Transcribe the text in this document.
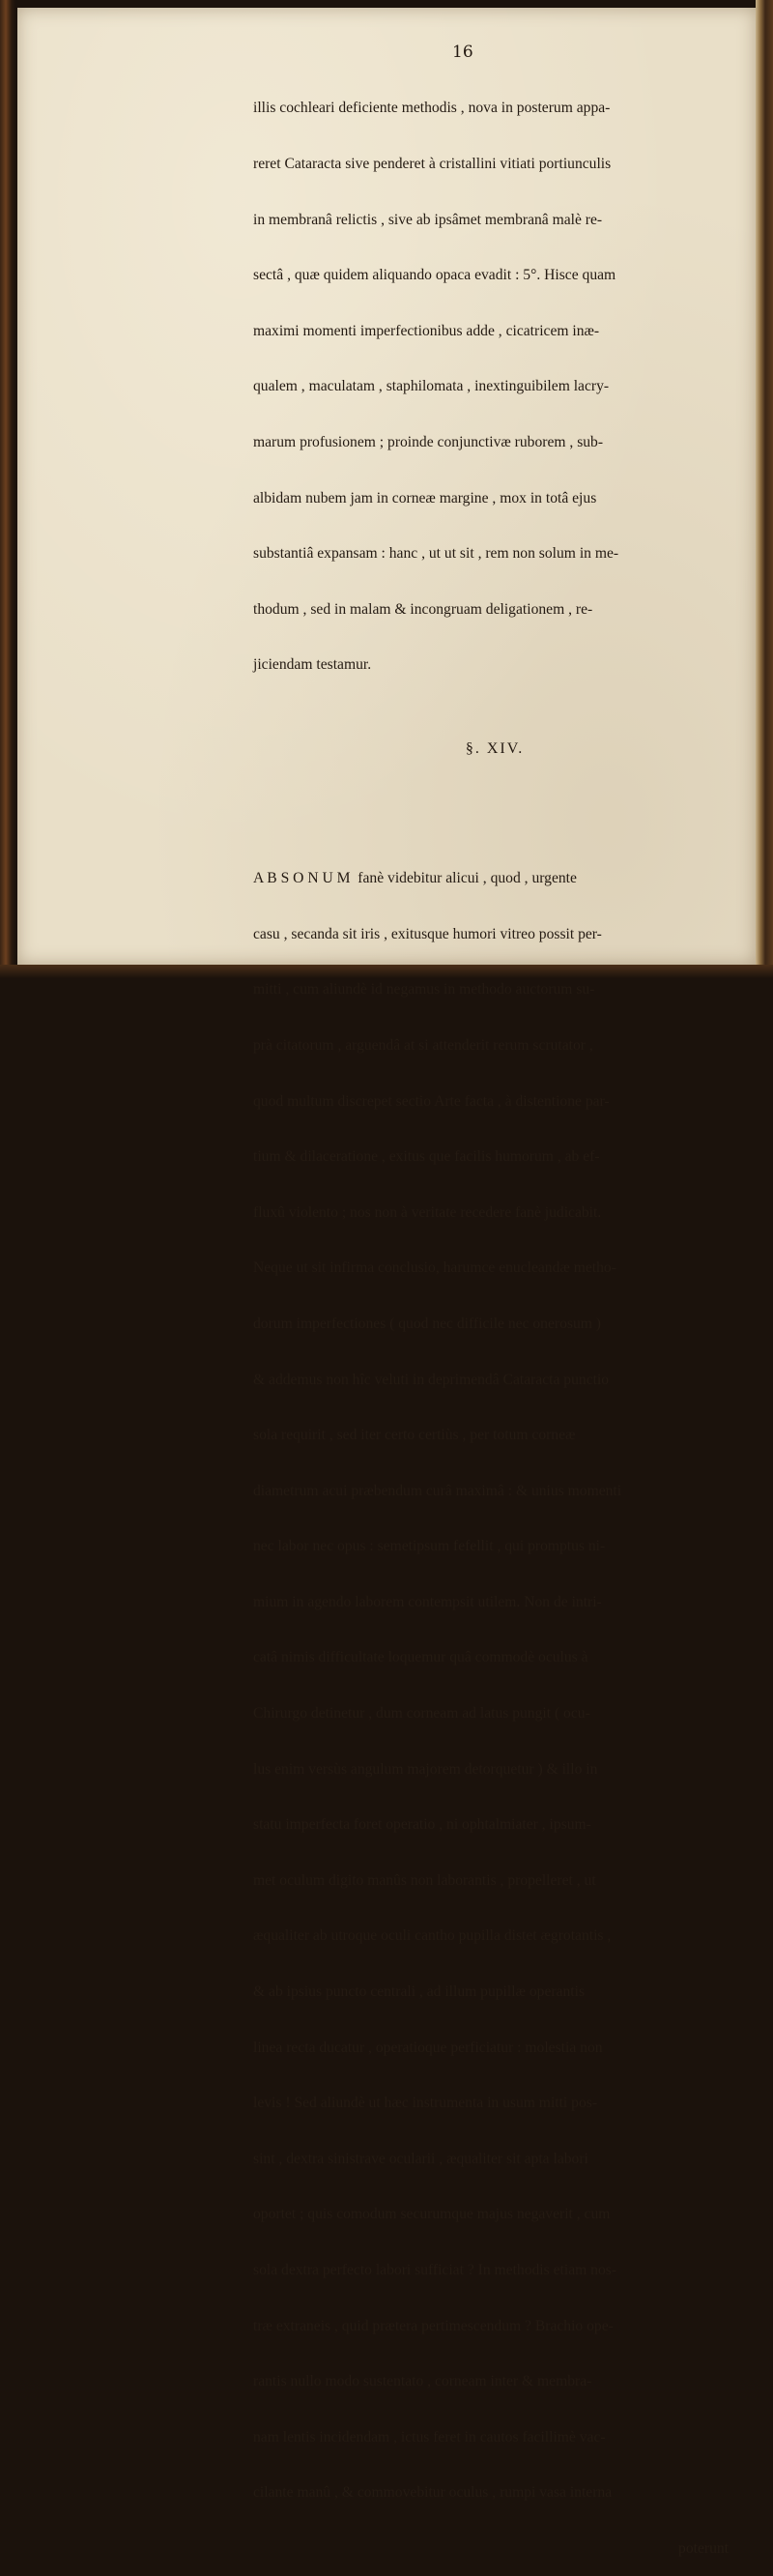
16

illis cochleari deficiente methodis , nova in posterum appa-

reret Cataracta sive penderet à cristallini vitiati portiunculis

in membranâ relictis , sive ab ipsâmet membranâ malè re-

sectâ , quæ quidem aliquando opaca evadit : 5°. Hisce quam

maximi momenti imperfectionibus adde , cicatricem inæ-

qualem , maculatam , staphilomata , inextinguibilem lacry-

marum profusionem ; proinde conjunctivæ ruborem , sub-

albidam nubem jam in corneæ margine , mox in totâ ejus

substantiâ expansam : hanc , ut ut sit , rem non solum in me-

thodum , sed in malam & incongruam deligationem , re-

jiciendam testamur.

§. XIV.

A B S O N U M  fanè videbitur alicui , quod , urgente

casu , secanda sit iris , exitusque humori vitreo possit per-

mitti , cum aliundè id negamus in methodo auctorum su-

prà citatorum , arguendâ at si attenderit rerum scrutator ,

quod multum discrepet sectio Arte facta , à distentione par-

tium & dilaceratione , exitus que facilis humorum , ab ef-

fluxû violento ; nos non à veritate recedere fanè judicabit.

Neque ut sit infirma conclusio, harumce enucleandæ metho-

dorum imperfectiones ( quod nec difficile nec onerosum )

& addemus non hîc veluti in deprimendâ Cataracta punctio

sola requirit , sed iter certo certiùs , per totum corneæ

diametrum acui præbendum curâ maximâ : & unius momenti

nec labor nec opus : semetipsum fefellit , qui promptus ni-

mium in agendo laborem contempsit utilem. Non de intri-

catâ nimis difficultate loquemur quâ commodè oculus à

Chirurgo detinetur , dum corneam ad latus pungit ( ocu-

lus enim versùs angulum majorem detorquetur ) & illo in

statu imperfecta foret operatio , ni ophtalmiater , ipsum-

met oculum digito manûs non laborantis , propelleret , ut

æqualiter ab utroque oculi cantho pupilla distet ægrotantis ,

& ab ipsius puncto centrali , ad illum pupillæ operantis

linea recta ducatur , operatioque perficiatur : molestia non

levis ! Sed aliundè ut hæc instrumenta in usum mitti pos-

sint , dextra sinistrave ocularii , æqualiter sit apta labori

oportet ; quis comodum securumque majus negaverit , cum

sola dextra perfecto labori sufficiat ? In methodis etiam nos-

træ extraneis , quid prætera pertimescendum ? Brachio ope-

rantis nullo modo sustentato , corneam inter & membra-

nam lentis incidendam , ictus feret in cautos facillimè vac-

cilante manû , & commovebitur oculus , rumpi vasa interna

poterunt
